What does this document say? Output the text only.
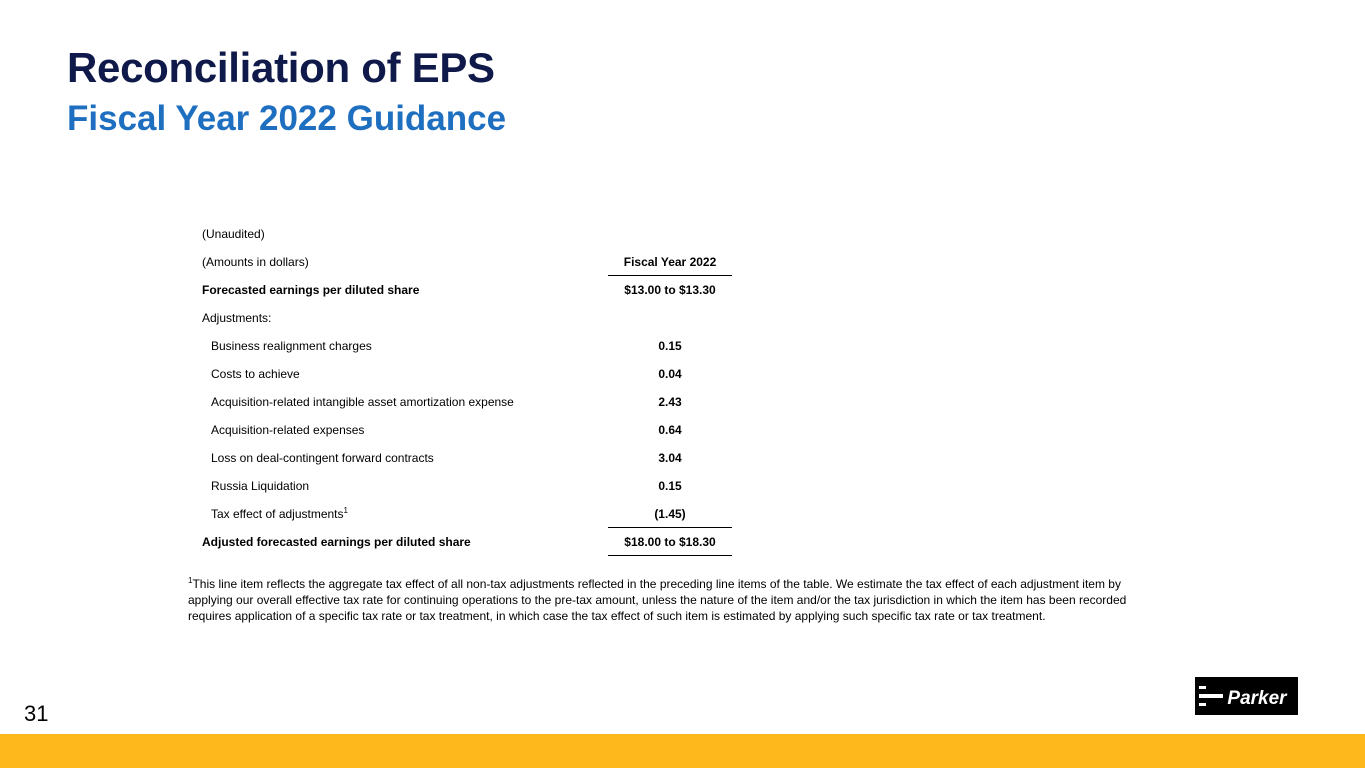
Reconciliation of EPS
Fiscal Year 2022 Guidance
(Unaudited)
(Amounts in dollars)	Fiscal Year 2022
Forecasted earnings per diluted share	$13.00 to $13.30
Adjustments:
Business realignment charges	0.15
Costs to achieve	0.04
Acquisition-related intangible asset amortization expense	2.43
Acquisition-related expenses	0.64
Loss on deal-contingent forward contracts	3.04
Russia Liquidation	0.15
Tax effect of adjustments$^1$	(1.45)
Adjusted forecasted earnings per diluted share	$18.00 to $18.30
$^1$This line item reflects the aggregate tax effect of all non-tax adjustments reflected in the preceding line items of the table. We estimate the tax effect of each adjustment item by applying our overall effective tax rate for continuing operations to the pre-tax amount, unless the nature of the item and/or the tax jurisdiction in which the item has been recorded requires application of a specific tax rate or tax treatment, in which case the tax effect of such item is estimated by applying such specific tax rate or tax treatment.
31
Parker
